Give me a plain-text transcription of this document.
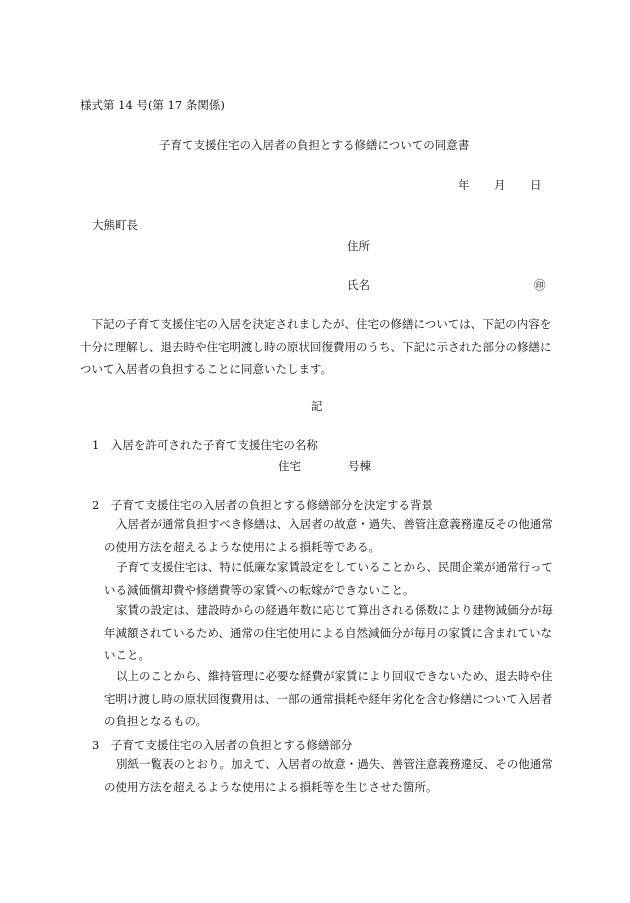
様式第 14 号(第 17 条関係)
子育て支援住宅の入居者の負担とする修繕についての同意書
年 月 日
大熊町長
住所
氏名	㊞
下記の子育て支援住宅の入居を決定されましたが、住宅の修繕については、下記の内容を十分に理解し、退去時や住宅明渡し時の原状回復費用のうち、下記に示された部分の修繕について入居者の負担することに同意いたします。
記
1　入居を許可された子育て支援住宅の名称
住宅	号棟
2　子育て支援住宅の入居者の負担とする修繕部分を決定する背景
入居者が通常負担すべき修繕は、入居者の故意・過失、善管注意義務違反その他通常の使用方法を超えるような使用による損耗等である。
子育て支援住宅は、特に低廉な家賃設定をしていることから、民間企業が通常行っている減価償却費や修繕費等の家賃への転嫁ができないこと。
家賃の設定は、建設時からの経過年数に応じて算出される係数により建物減価分が毎年減額されているため、通常の住宅使用による自然減価分が毎月の家賃に含まれていないこと。
以上のことから、維持管理に必要な経費が家賃により回収できないため、退去時や住宅明け渡し時の原状回復費用は、一部の通常損耗や経年劣化を含む修繕について入居者の負担となるもの。
3　子育て支援住宅の入居者の負担とする修繕部分
別紙一覧表のとおり。加えて、入居者の故意・過失、善管注意義務違反、その他通常の使用方法を超えるような使用による損耗等を生じさせた箇所。
